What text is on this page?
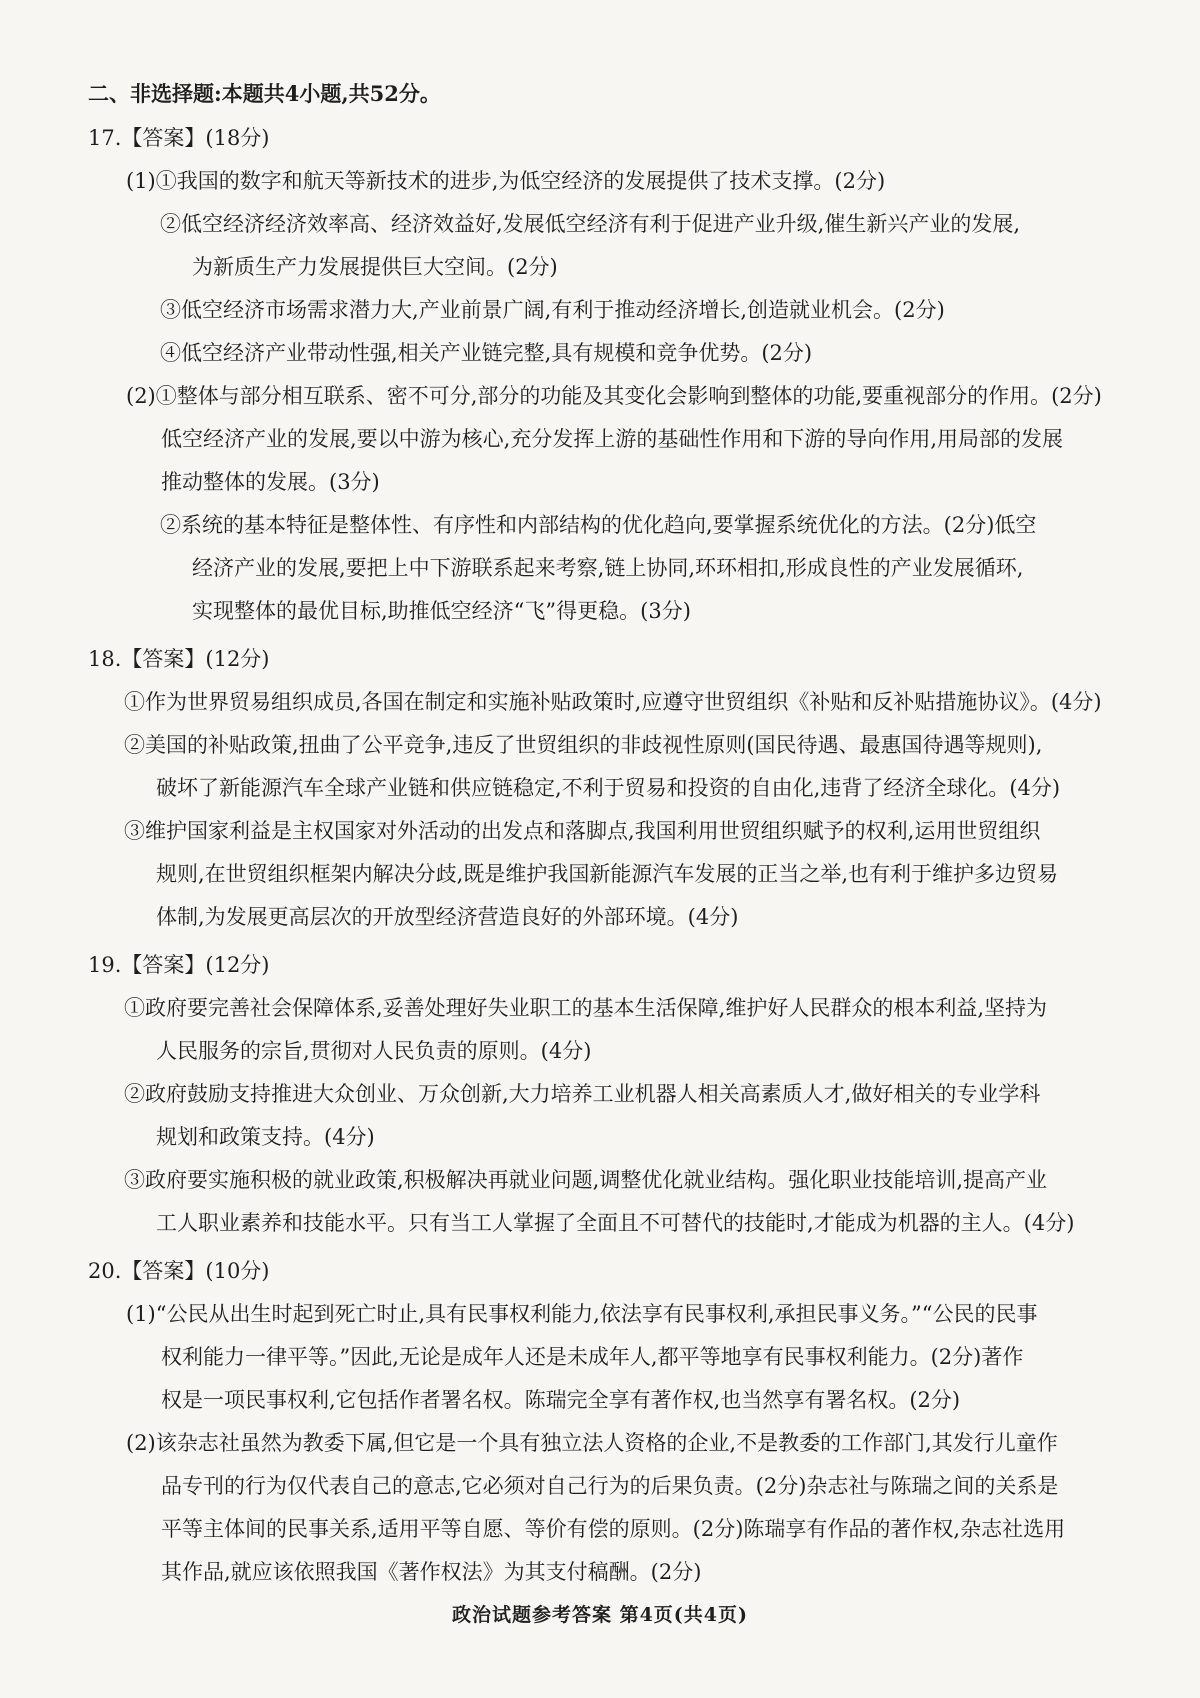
二、非选择题:本题共4小题,共52分。
17.【答案】(18分)
(1)①我国的数字和航天等新技术的进步,为低空经济的发展提供了技术支撑。(2分)
②低空经济经济效率高、经济效益好,发展低空经济有利于促进产业升级,催生新兴产业的发展,
为新质生产力发展提供巨大空间。(2分)
③低空经济市场需求潜力大,产业前景广阔,有利于推动经济增长,创造就业机会。(2分)
④低空经济产业带动性强,相关产业链完整,具有规模和竞争优势。(2分)
(2)①整体与部分相互联系、密不可分,部分的功能及其变化会影响到整体的功能,要重视部分的作用。(2分)
低空经济产业的发展,要以中游为核心,充分发挥上游的基础性作用和下游的导向作用,用局部的发展
推动整体的发展。(3分)
②系统的基本特征是整体性、有序性和内部结构的优化趋向,要掌握系统优化的方法。(2分)低空
经济产业的发展,要把上中下游联系起来考察,链上协同,环环相扣,形成良性的产业发展循环,
实现整体的最优目标,助推低空经济“飞”得更稳。(3分)
18.【答案】(12分)
①作为世界贸易组织成员,各国在制定和实施补贴政策时,应遵守世贸组织《补贴和反补贴措施协议》。(4分)
②美国的补贴政策,扭曲了公平竞争,违反了世贸组织的非歧视性原则(国民待遇、最惠国待遇等规则),
破坏了新能源汽车全球产业链和供应链稳定,不利于贸易和投资的自由化,违背了经济全球化。(4分)
③维护国家利益是主权国家对外活动的出发点和落脚点,我国利用世贸组织赋予的权利,运用世贸组织
规则,在世贸组织框架内解决分歧,既是维护我国新能源汽车发展的正当之举,也有利于维护多边贸易
体制,为发展更高层次的开放型经济营造良好的外部环境。(4分)
19.【答案】(12分)
①政府要完善社会保障体系,妥善处理好失业职工的基本生活保障,维护好人民群众的根本利益,坚持为
人民服务的宗旨,贯彻对人民负责的原则。(4分)
②政府鼓励支持推进大众创业、万众创新,大力培养工业机器人相关高素质人才,做好相关的专业学科
规划和政策支持。(4分)
③政府要实施积极的就业政策,积极解决再就业问题,调整优化就业结构。强化职业技能培训,提高产业
工人职业素养和技能水平。只有当工人掌握了全面且不可替代的技能时,才能成为机器的主人。(4分)
20.【答案】(10分)
(1)“公民从出生时起到死亡时止,具有民事权利能力,依法享有民事权利,承担民事义务。”“公民的民事
权利能力一律平等。”因此,无论是成年人还是未成年人,都平等地享有民事权利能力。(2分)著作
权是一项民事权利,它包括作者署名权。陈瑞完全享有著作权,也当然享有署名权。(2分)
(2)该杂志社虽然为教委下属,但它是一个具有独立法人资格的企业,不是教委的工作部门,其发行儿童作
品专刊的行为仅代表自己的意志,它必须对自己行为的后果负责。(2分)杂志社与陈瑞之间的关系是
平等主体间的民事关系,适用平等自愿、等价有偿的原则。(2分)陈瑞享有作品的著作权,杂志社选用
其作品,就应该依照我国《著作权法》为其支付稿酬。(2分)
政治试题参考答案 第4页(共4页)
